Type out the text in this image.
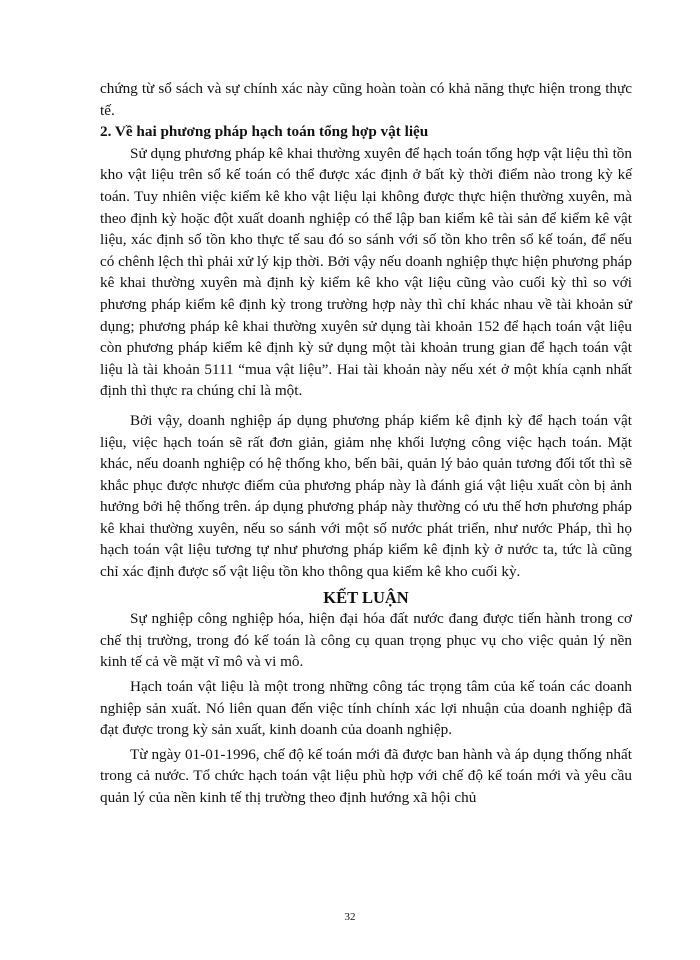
chứng từ sổ sách và sự chính xác này cũng hoàn toàn có khả năng thực hiện trong thực tế.

2. Về hai phương pháp hạch toán tổng hợp vật liệu

Sử dụng phương pháp kê khai thường xuyên để hạch toán tổng hợp vật liệu thì tồn kho vật liệu trên sổ kế toán có thể được xác định ở bất kỳ thời điểm nào trong kỳ kế toán. Tuy nhiên việc kiểm kê kho vật liệu lại không được thực hiện thường xuyên, mà theo định kỳ hoặc đột xuất doanh nghiệp có thể lập ban kiểm kê tài sản để kiểm kê vật liệu, xác định số tồn kho thực tế sau đó so sánh với số tồn kho trên sổ kế toán, để nếu có chênh lệch thì phải xử lý kịp thời. Bởi vậy nếu doanh nghiệp thực hiện phương pháp kê khai thường xuyên mà định kỳ kiểm kê kho vật liệu cũng vào cuối kỳ thì so với phương pháp kiểm kê định kỳ trong trường hợp này thì chỉ khác nhau về tài khoản sử dụng; phương pháp kê khai thường xuyên sử dụng tài khoản 152 để hạch toán vật liệu còn phương pháp kiểm kê định kỳ sử dụng một tài khoản trung gian để hạch toán vật liệu là tài khoản 5111 “mua vật liệu”. Hai tài khoản này nếu xét ở một khía cạnh nhất định thì thực ra chúng chỉ là một.

Bởi vậy, doanh nghiệp áp dụng phương pháp kiểm kê định kỳ để hạch toán vật liệu, việc hạch toán sẽ rất đơn giản, giảm nhẹ khối lượng công việc hạch toán. Mặt khác, nếu doanh nghiệp có hệ thống kho, bến bãi, quản lý bảo quản tương đối tốt thì sẽ khắc phục được nhược điểm của phương pháp này là đánh giá vật liệu xuất còn bị ảnh hưởng bởi hệ thống trên. áp dụng phương pháp này thường có ưu thế hơn phương pháp kê khai thường xuyên, nếu so sánh với một số nước phát triển, như nước Pháp, thì họ hạch toán vật liệu tương tự như phương pháp kiểm kê định kỳ ở nước ta, tức là cũng chỉ xác định được số vật liệu tồn kho thông qua kiểm kê kho cuối kỳ.

KẾT LUẬN

Sự nghiệp công nghiệp hóa, hiện đại hóa đất nước đang được tiến hành trong cơ chế thị trường, trong đó kế toán là công cụ quan trọng phục vụ cho việc quản lý nền kinh tế cả về mặt vĩ mô và vi mô.

Hạch toán vật liệu là một trong những công tác trọng tâm của kế toán các doanh nghiệp sản xuất. Nó liên quan đến việc tính chính xác lợi nhuận của doanh nghiệp đã đạt được trong kỳ sản xuất, kinh doanh của doanh nghiệp.

Từ ngày 01-01-1996, chế độ kế toán mới đã được ban hành và áp dụng thống nhất trong cả nước. Tổ chức hạch toán vật liệu phù hợp với chế độ kế toán mới và yêu cầu quản lý của nền kinh tế thị trường theo định hướng xã hội chủ

32
